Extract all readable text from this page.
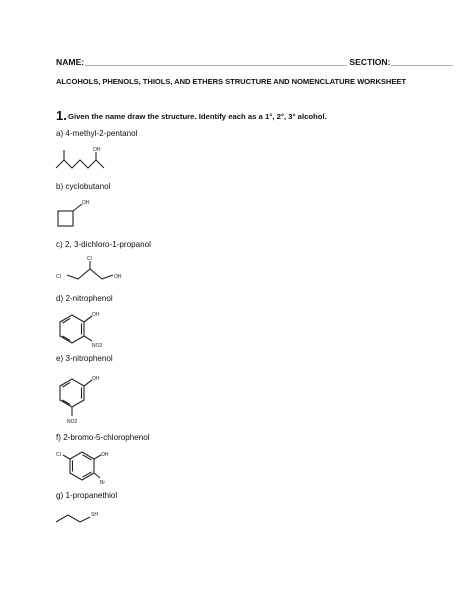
NAME:_______________________________________________________ SECTION:_____________
ALCOHOLS, PHENOLS, THIOLS, AND ETHERS STRUCTURE AND NOMENCLATURE WORKSHEET
1. Given the name draw the structure. Identify each as a 1°, 2°, 3° alcohol.
a) 4-methyl-2-pentanol
OH
b) cyclobutanol
OH
c) 2, 3-dichloro-1-propanol
Cl
Cl
OH
d) 2-nitrophenol
OH
NO2
e) 3-nitrophenol
OH
NO2
f) 2-bromo-5-chlorophenol
Cl	OH
Br
g) 1-propanethiol
SH
